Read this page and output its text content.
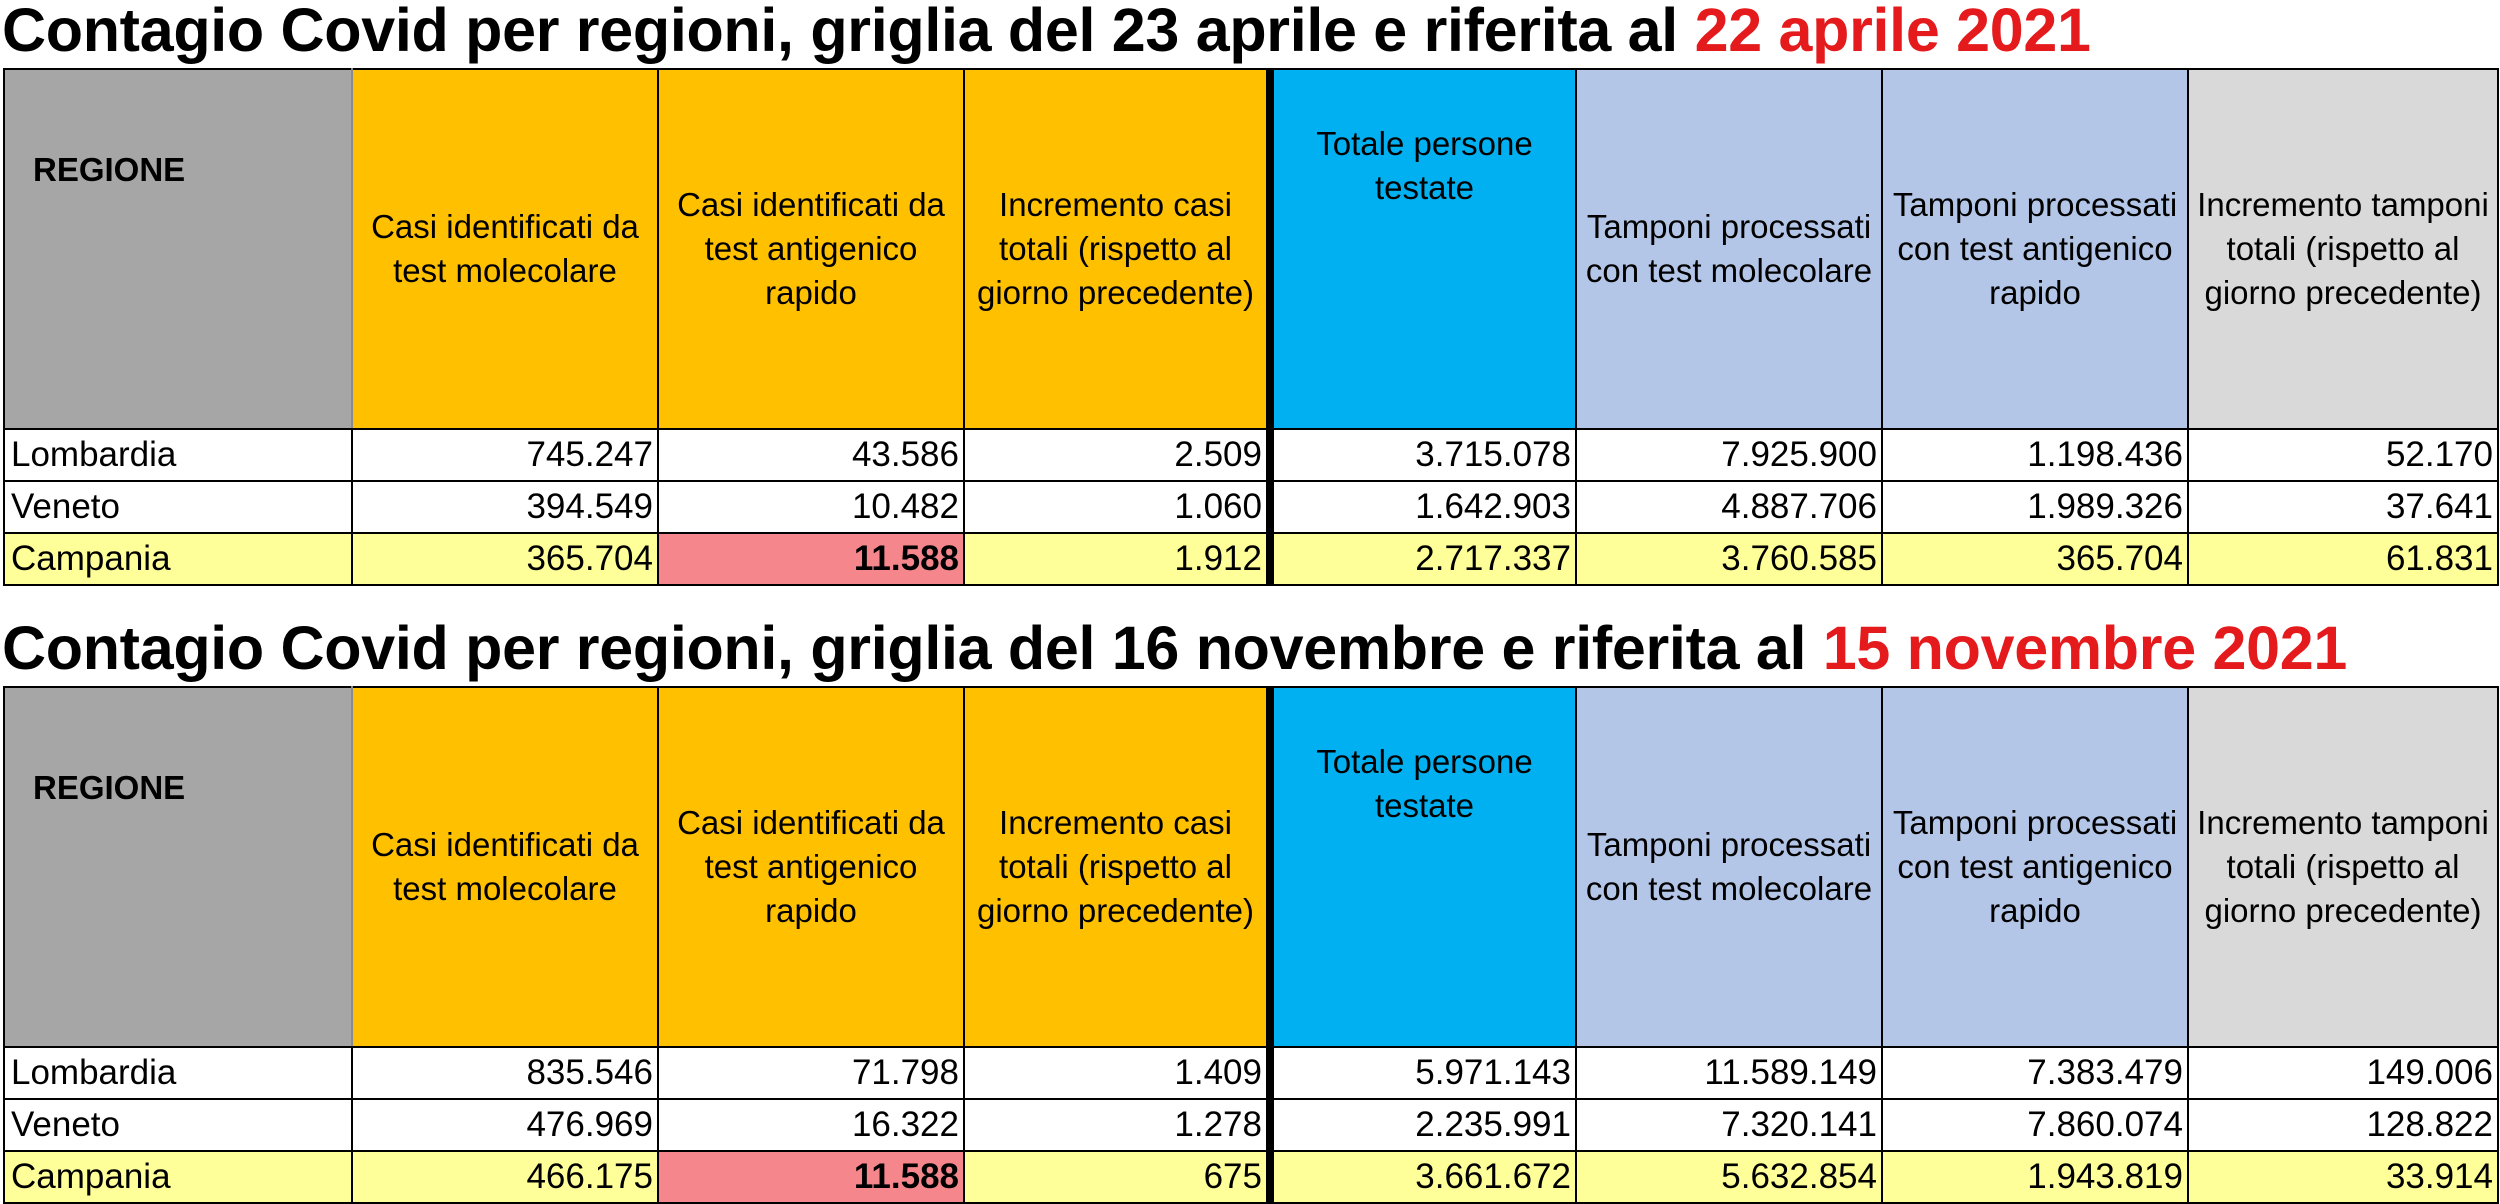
Contagio Covid per regioni, griglia del 23 aprile e riferita al 22 aprile 2021
REGIONE	Casi identificati da test molecolare	Casi identificati da test antigenico rapido	Incremento casi totali (rispetto al giorno precedente)	Totale persone testate	Tamponi processati con test molecolare	Tamponi processati con test antigenico rapido	Incremento tamponi totali (rispetto al giorno precedente)
Lombardia	745.247	43.586	2.509	3.715.078	7.925.900	1.198.436	52.170
Veneto	394.549	10.482	1.060	1.642.903	4.887.706	1.989.326	37.641
Campania	365.704	11.588	1.912	2.717.337	3.760.585	365.704	61.831
Contagio Covid per regioni, griglia del 16 novembre e riferita al 15 novembre 2021
REGIONE	Casi identificati da test molecolare	Casi identificati da test antigenico rapido	Incremento casi totali (rispetto al giorno precedente)	Totale persone testate	Tamponi processati con test molecolare	Tamponi processati con test antigenico rapido	Incremento tamponi totali (rispetto al giorno precedente)
Lombardia	835.546	71.798	1.409	5.971.143	11.589.149	7.383.479	149.006
Veneto	476.969	16.322	1.278	2.235.991	7.320.141	7.860.074	128.822
Campania	466.175	11.588	675	3.661.672	5.632.854	1.943.819	33.914
